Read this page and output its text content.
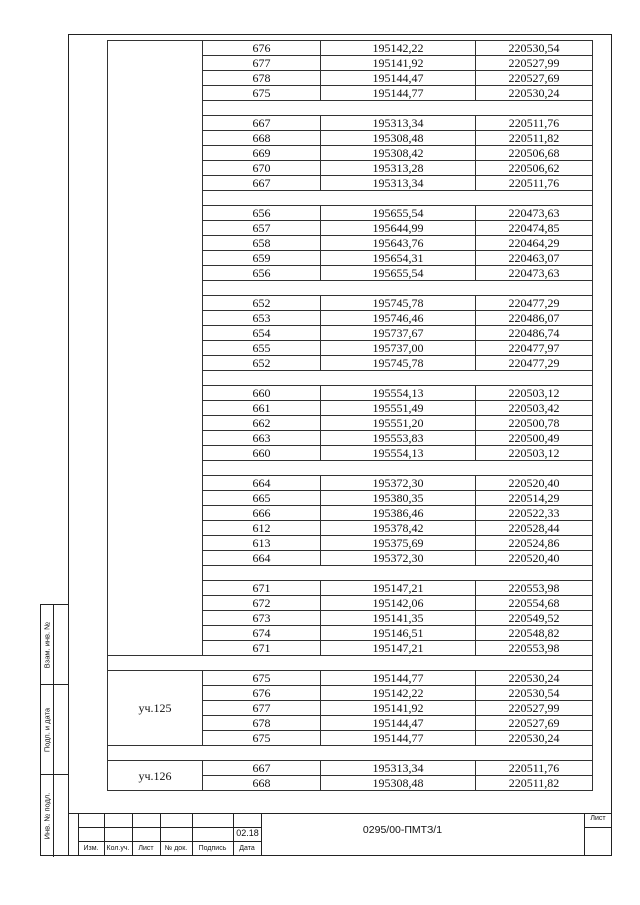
	676	195142,22	220530,54
	677	195141,92	220527,99
	678	195144,47	220527,69
	675	195144,77	220530,24

	667	195313,34	220511,76
	668	195308,48	220511,82
	669	195308,42	220506,68
	670	195313,28	220506,62
	667	195313,34	220511,76

	656	195655,54	220473,63
	657	195644,99	220474,85
	658	195643,76	220464,29
	659	195654,31	220463,07
	656	195655,54	220473,63

	652	195745,78	220477,29
	653	195746,46	220486,07
	654	195737,67	220486,74
	655	195737,00	220477,97
	652	195745,78	220477,29

	660	195554,13	220503,12
	661	195551,49	220503,42
	662	195551,20	220500,78
	663	195553,83	220500,49
	660	195554,13	220503,12

	664	195372,30	220520,40
	665	195380,35	220514,29
	666	195386,46	220522,33
	612	195378,42	220528,44
	613	195375,69	220524,86
	664	195372,30	220520,40

	671	195147,21	220553,98
	672	195142,06	220554,68
	673	195141,35	220549,52
	674	195146,51	220548,82
	671	195147,21	220553,98

уч.125	675	195144,77	220530,24
	676	195142,22	220530,54
	677	195141,92	220527,99
	678	195144,47	220527,69
	675	195144,77	220530,24

уч.126	667	195313,34	220511,76
	668	195308,48	220511,82
Взам. инв. №
Подп. и дата
Инв. № подл.
Изм.	Кол.уч.	Лист	№ док.	Подпись	Дата
02.18	0295/00-ПМТЗ/1
Лист
